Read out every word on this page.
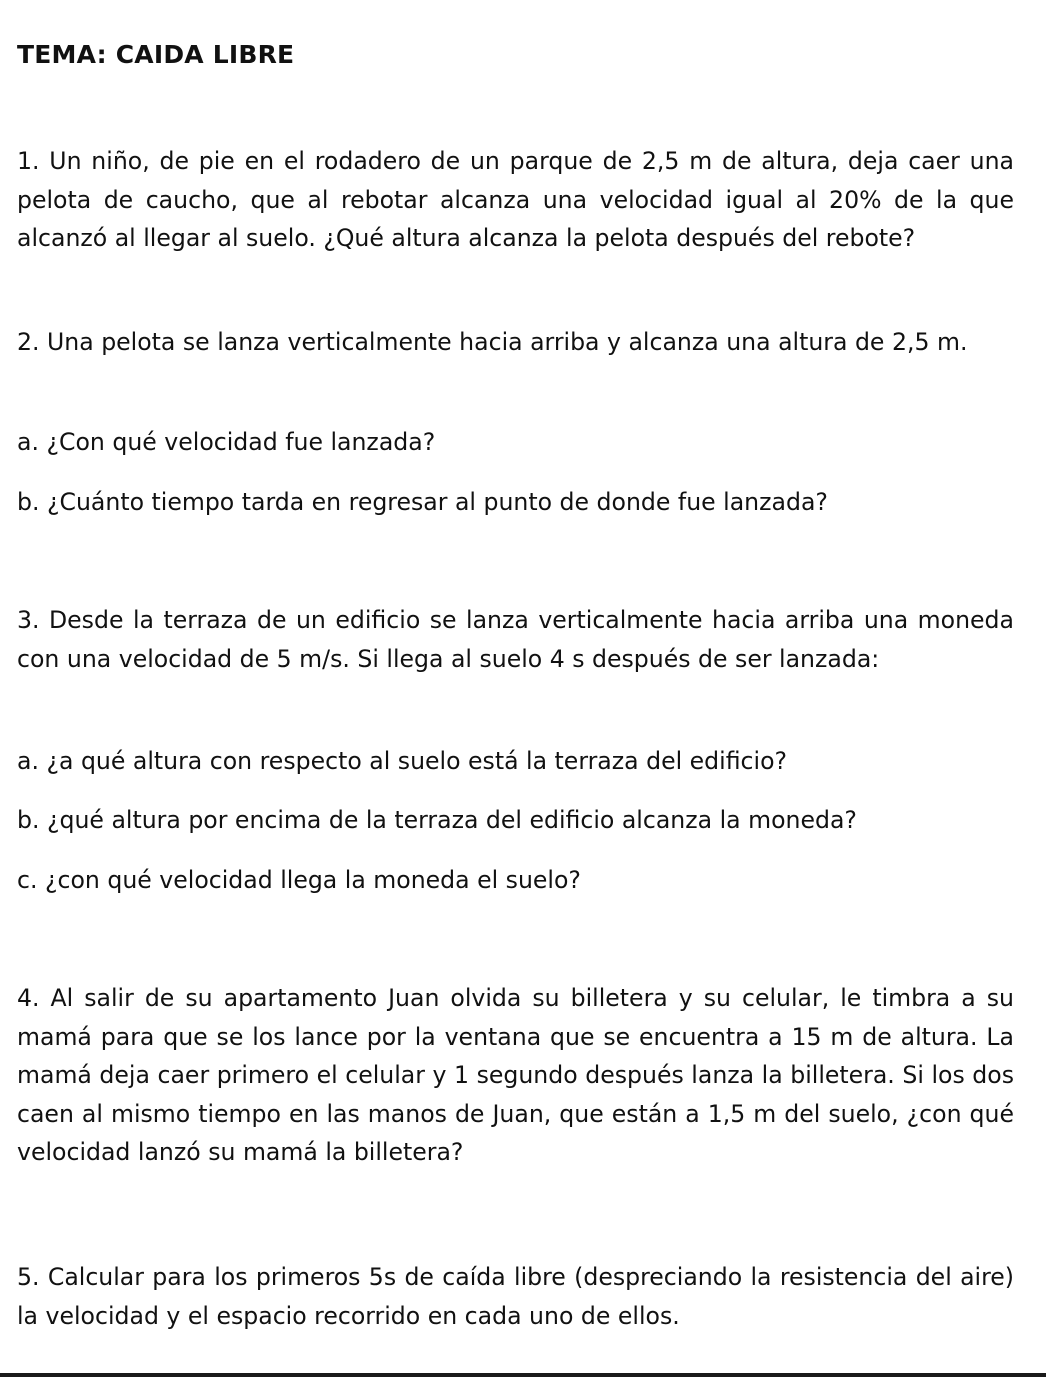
TEMA: CAIDA LIBRE

1. Un niño, de pie en el rodadero de un parque de 2,5 m de altura, deja caer una pelota de caucho, que al rebotar alcanza una velocidad igual al 20% de la que alcanzó al llegar al suelo. ¿Qué altura alcanza la pelota después del rebote?

2. Una pelota se lanza verticalmente hacia arriba y alcanza una altura de 2,5 m.

a. ¿Con qué velocidad fue lanzada?

b. ¿Cuánto tiempo tarda en regresar al punto de donde fue lanzada?

3. Desde la terraza de un edificio se lanza verticalmente hacia arriba una moneda con una velocidad de 5 m/s. Si llega al suelo 4 s después de ser lanzada:

a. ¿a qué altura con respecto al suelo está la terraza del edificio?

b. ¿qué altura por encima de la terraza del edificio alcanza la moneda?

c. ¿con qué velocidad llega la moneda el suelo?

4. Al salir de su apartamento Juan olvida su billetera y su celular, le timbra a su mamá para que se los lance por la ventana que se encuentra a 15 m de altura. La mamá deja caer primero el celular y 1 segundo después lanza la billetera. Si los dos caen al mismo tiempo en las manos de Juan, que están a 1,5 m del suelo, ¿con qué velocidad lanzó su mamá la billetera?

5. Calcular para los primeros 5s de caída libre (despreciando la resistencia del aire) la velocidad y el espacio recorrido en cada uno de ellos.
